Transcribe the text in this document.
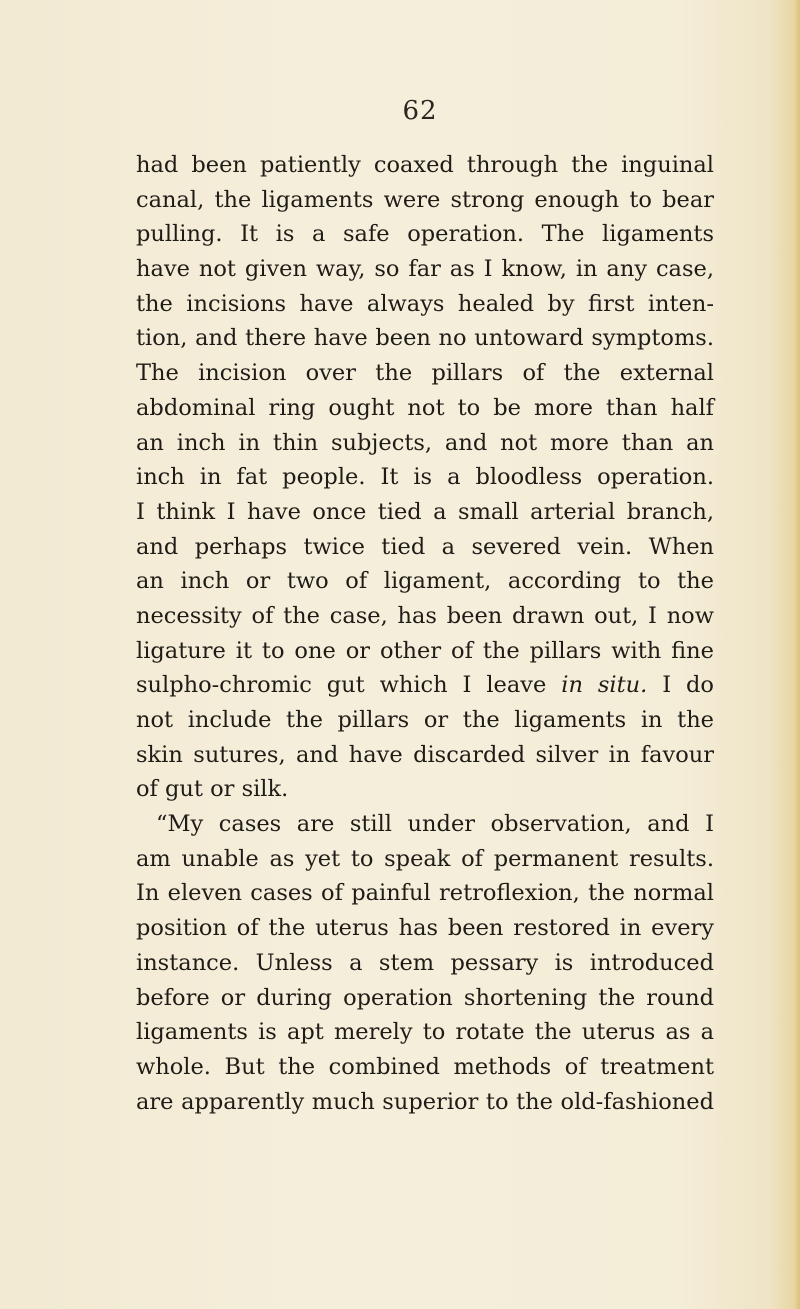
62
had been patiently coaxed through the inguinal
canal, the ligaments were strong enough to bear
pulling. It is a safe operation. The ligaments
have not given way, so far as I know, in any case,
the incisions have always healed by first inten-
tion, and there have been no untoward symptoms.
The incision over the pillars of the external
abdominal ring ought not to be more than half
an inch in thin subjects, and not more than an
inch in fat people. It is a bloodless operation.
I think I have once tied a small arterial branch,
and perhaps twice tied a severed vein. When
an inch or two of ligament, according to the
necessity of the case, has been drawn out, I now
ligature it to one or other of the pillars with fine
sulpho-chromic gut which I leave in situ. I do
not include the pillars or the ligaments in the
skin sutures, and have discarded silver in favour
of gut or silk.
“My cases are still under observation, and I
am unable as yet to speak of permanent results.
In eleven cases of painful retroflexion, the normal
position of the uterus has been restored in every
instance. Unless a stem pessary is introduced
before or during operation shortening the round
ligaments is apt merely to rotate the uterus as a
whole. But the combined methods of treatment
are apparently much superior to the old-fashioned
